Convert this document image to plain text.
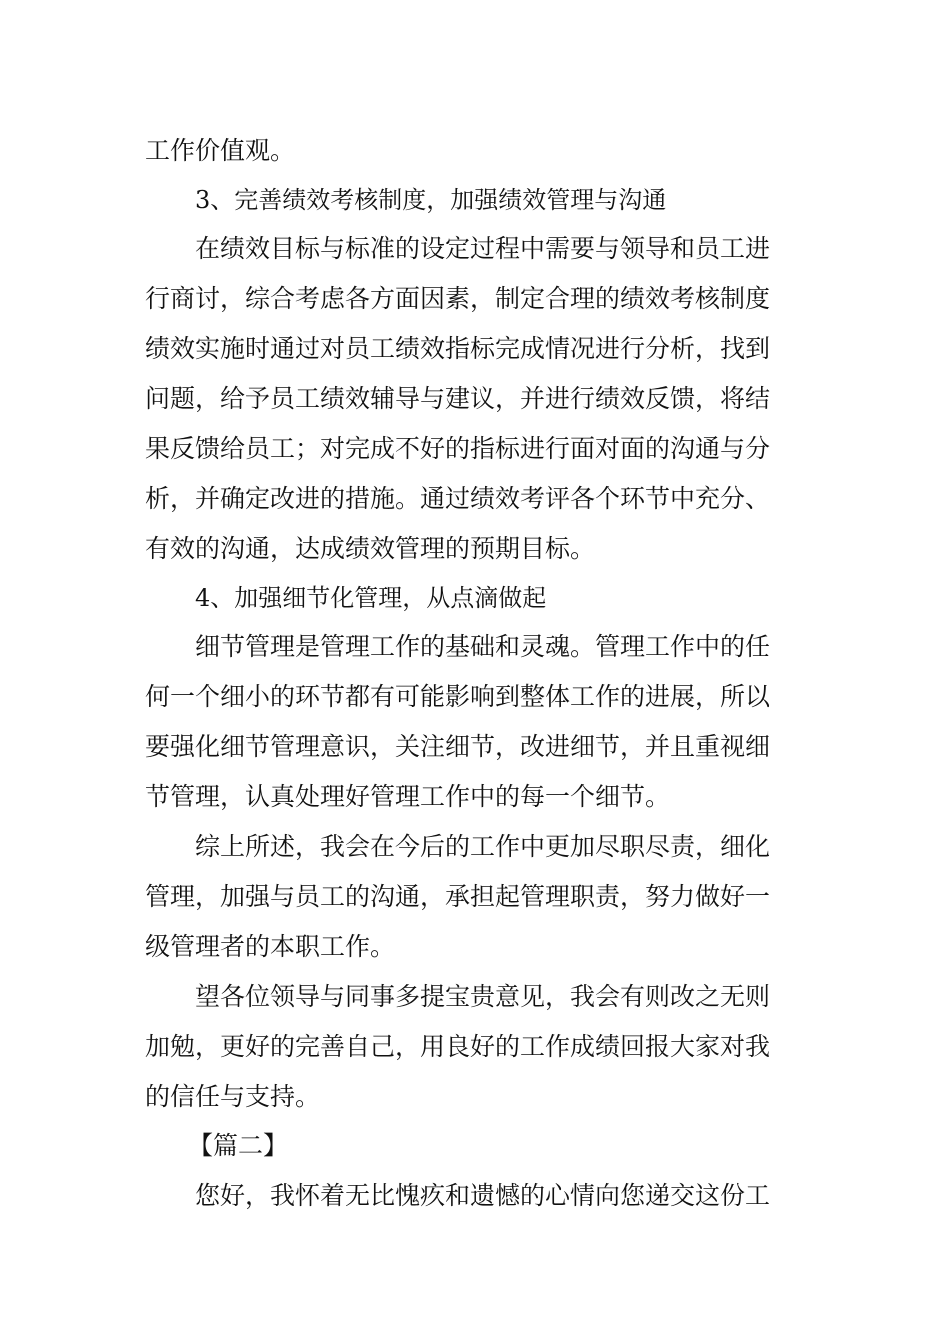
工作价值观。
3、完善绩效考核制度，加强绩效管理与沟通
在绩效目标与标准的设定过程中需要与领导和员工进
行商讨，综合考虑各方面因素，制定合理的绩效考核制度
绩效实施时通过对员工绩效指标完成情况进行分析，找到
问题，给予员工绩效辅导与建议，并进行绩效反馈，将结
果反馈给员工；对完成不好的指标进行面对面的沟通与分
析，并确定改进的措施。通过绩效考评各个环节中充分、
有效的沟通，达成绩效管理的预期目标。
4、加强细节化管理，从点滴做起
细节管理是管理工作的基础和灵魂。管理工作中的任
何一个细小的环节都有可能影响到整体工作的进展，所以
要强化细节管理意识，关注细节，改进细节，并且重视细
节管理，认真处理好管理工作中的每一个细节。
综上所述，我会在今后的工作中更加尽职尽责，细化
管理，加强与员工的沟通，承担起管理职责，努力做好一
级管理者的本职工作。
望各位领导与同事多提宝贵意见，我会有则改之无则
加勉，更好的完善自己，用良好的工作成绩回报大家对我
的信任与支持。
【篇二】
您好，我怀着无比愧疚和遗憾的心情向您递交这份工
